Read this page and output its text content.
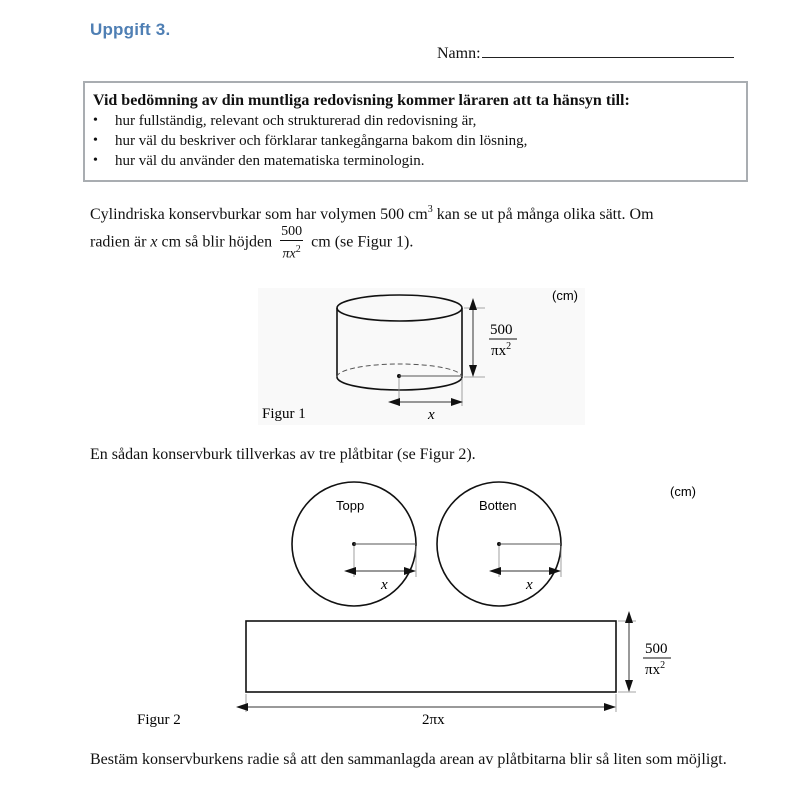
Uppgift 3.
Namn:
Vid bedömning av din muntliga redovisning kommer läraren att ta hänsyn till:
• hur fullständig, relevant och strukturerad din redovisning är,
• hur väl du beskriver och förklarar tankegångarna bakom din lösning,
• hur väl du använder den matematiska terminologin.
Cylindriska konservburkar som har volymen 500 $cm^3$ kan se ut på många olika sätt. Om
radien är x cm så blir höjden $\frac{500}{\pi x^2}$ cm (se Figur 1).
x
500
$\pi x^2$
(cm)
Figur 1
(cm)
Topp
x
Botten
x
500
$\pi x^2$
2πx
Figur 2
En sådan konservburk tillverkas av tre plåtbitar (se Figur 2).
Bestäm konservburkens radie så att den sammanlagda arean av plåtbitarna blir så liten som möjligt.
